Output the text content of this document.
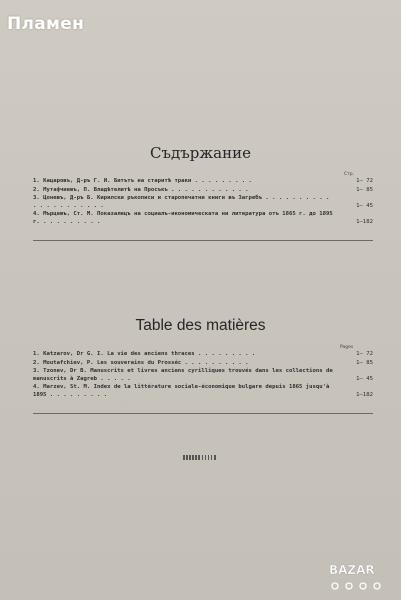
Пламен
Съдържание
Стр.
1. Кацаровъ, Д-ръ Г. И. Битътъ на старитѣ траки . . . . . . . . .	1— 72
2. Мутафчиевъ, П. Владѣтелитѣ на Просъкъ . . . . . . . . . . . .	1— 85
3. Цоневъ, Д-ръ Б. Кирилски ръкописи и старопечатни книги въ Загребъ . . . . . . . . . . . . . . . . . . . . .	1— 45
4. Мърцевъ, Ст. М. Показалецъ на социалъ-икономическата ни литература отъ 1865 г. до 1895 г. . . . . . . . . .	1—182
Table des matières
Pages
1. Katzarov, Dr G. I. La vie des anciens thraces . . . . . . . . .	1— 72
2. Moutafchiev, P. Les souverains du Prosséc . . . . . . . . . .	1— 85
3. Tzonev, Dr B. Manuscrits et livres anciens cyrilliques trouvés dans les collections de manuscrits à Zagreb . . . . .	1— 45
4. Marzev, St. M. Index de la littérature sociale-économique bulgare depuis 1865 jusqu'à 1895 . . . . . . . . .	1—182
BAZAR
